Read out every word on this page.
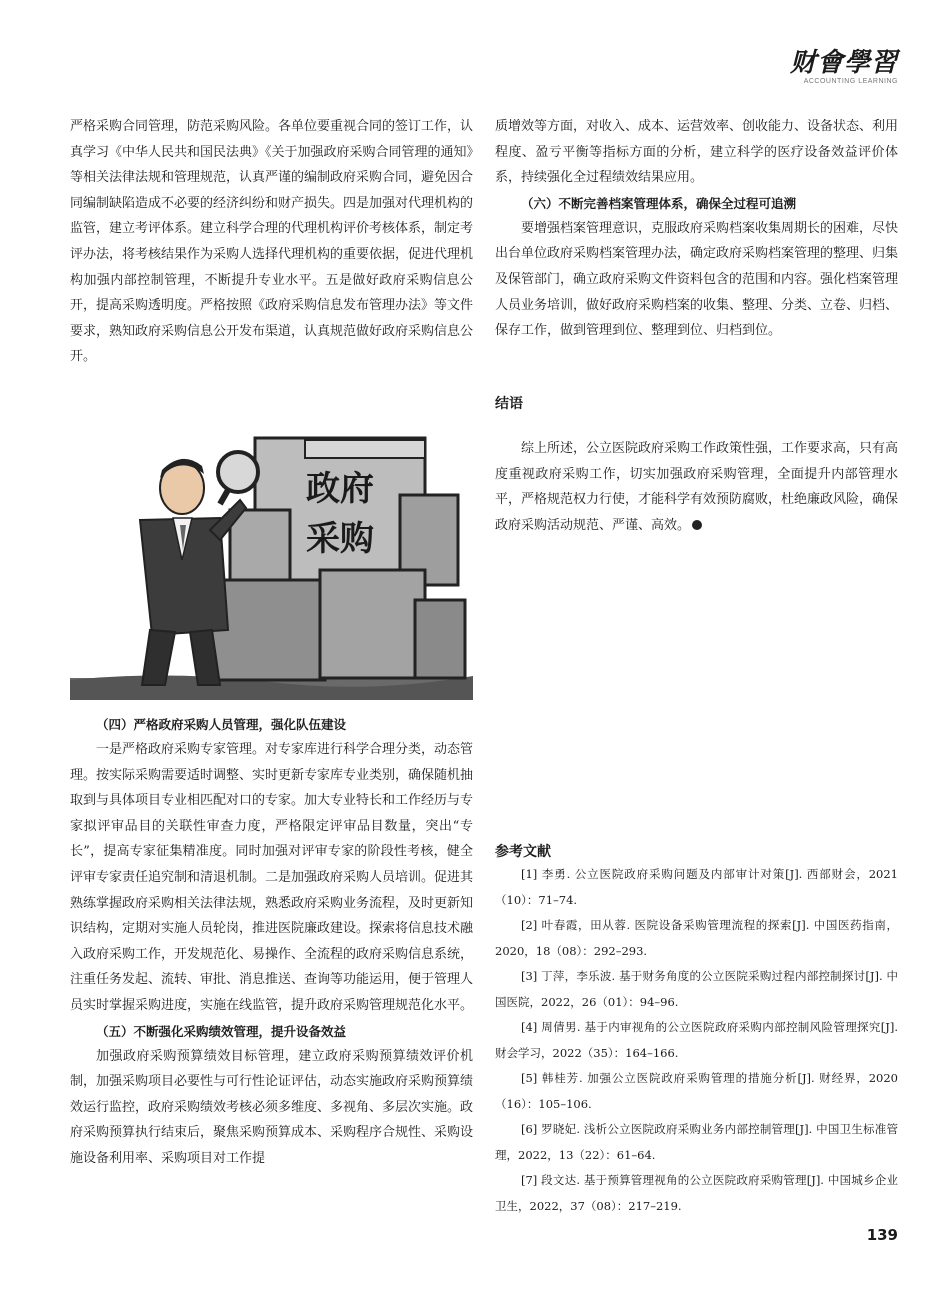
财會學習
ACCOUNTING LEARNING

严格采购合同管理，防范采购风险。各单位要重视合同的签订工作，认真学习《中华人民共和国民法典》《关于加强政府采购合同管理的通知》等相关法律法规和管理规范，认真严谨的编制政府采购合同，避免因合同编制缺陷造成不必要的经济纠纷和财产损失。四是加强对代理机构的监管，建立考评体系。建立科学合理的代理机构评价考核体系，制定考评办法，将考核结果作为采购人选择代理机构的重要依据，促进代理机构加强内部控制管理，不断提升专业水平。五是做好政府采购信息公开，提高采购透明度。严格按照《政府采购信息发布管理办法》等文件要求，熟知政府采购信息公开发布渠道，认真规范做好政府采购信息公开。

政府
采购

（四）严格政府采购人员管理，强化队伍建设

一是严格政府采购专家管理。对专家库进行科学合理分类，动态管理。按实际采购需要适时调整、实时更新专家库专业类别，确保随机抽取到与具体项目专业相匹配对口的专家。加大专业特长和工作经历与专家拟评审品目的关联性审查力度，严格限定评审品目数量，突出“专长”，提高专家征集精准度。同时加强对评审专家的阶段性考核，健全评审专家责任追究制和清退机制。二是加强政府采购人员培训。促进其熟练掌握政府采购相关法律法规，熟悉政府采购业务流程，及时更新知识结构，定期对实施人员轮岗，推进医院廉政建设。探索将信息技术融入政府采购工作，开发规范化、易操作、全流程的政府采购信息系统，注重任务发起、流转、审批、消息推送、查询等功能运用，便于管理人员实时掌握采购进度，实施在线监管，提升政府采购管理规范化水平。

（五）不断强化采购绩效管理，提升设备效益

加强政府采购预算绩效目标管理，建立政府采购预算绩效评价机制，加强采购项目必要性与可行性论证评估，动态实施政府采购预算绩效运行监控，政府采购绩效考核必须多维度、多视角、多层次实施。政府采购预算执行结束后，聚焦采购预算成本、采购程序合规性、采购设施设备利用率、采购项目对工作提

质增效等方面，对收入、成本、运营效率、创收能力、设备状态、利用程度、盈亏平衡等指标方面的分析，建立科学的医疗设备效益评价体系，持续强化全过程绩效结果应用。

（六）不断完善档案管理体系，确保全过程可追溯

要增强档案管理意识，克服政府采购档案收集周期长的困难，尽快出台单位政府采购档案管理办法，确定政府采购档案管理的整理、归集及保管部门，确立政府采购文件资料包含的范围和内容。强化档案管理人员业务培训，做好政府采购档案的收集、整理、分类、立卷、归档、保存工作，做到管理到位、整理到位、归档到位。

结语

综上所述，公立医院政府采购工作政策性强，工作要求高，只有高度重视政府采购工作，切实加强政府采购管理，全面提升内部管理水平，严格规范权力行使，才能科学有效预防腐败，杜绝廉政风险，确保政府采购活动规范、严谨、高效。

参考文献

[1] 李勇. 公立医院政府采购问题及内部审计对策[J]. 西部财会，2021（10）：71–74.

[2] 叶春霞，田从蓉. 医院设备采购管理流程的探索[J]. 中国医药指南，2020，18（08）：292–293.

[3] 丁萍，李乐波. 基于财务角度的公立医院采购过程内部控制探讨[J]. 中国医院，2022，26（01）：94–96.

[4] 周倩男. 基于内审视角的公立医院政府采购内部控制风险管理探究[J]. 财会学习，2022（35）：164–166.

[5] 韩桂芳. 加强公立医院政府采购管理的措施分析[J]. 财经界，2020（16）：105–106.

[6] 罗晓妃. 浅析公立医院政府采购业务内部控制管理[J]. 中国卫生标准管理，2022，13（22）：61–64.

[7] 段文达. 基于预算管理视角的公立医院政府采购管理[J]. 中国城乡企业卫生，2022，37（08）：217–219.

139
